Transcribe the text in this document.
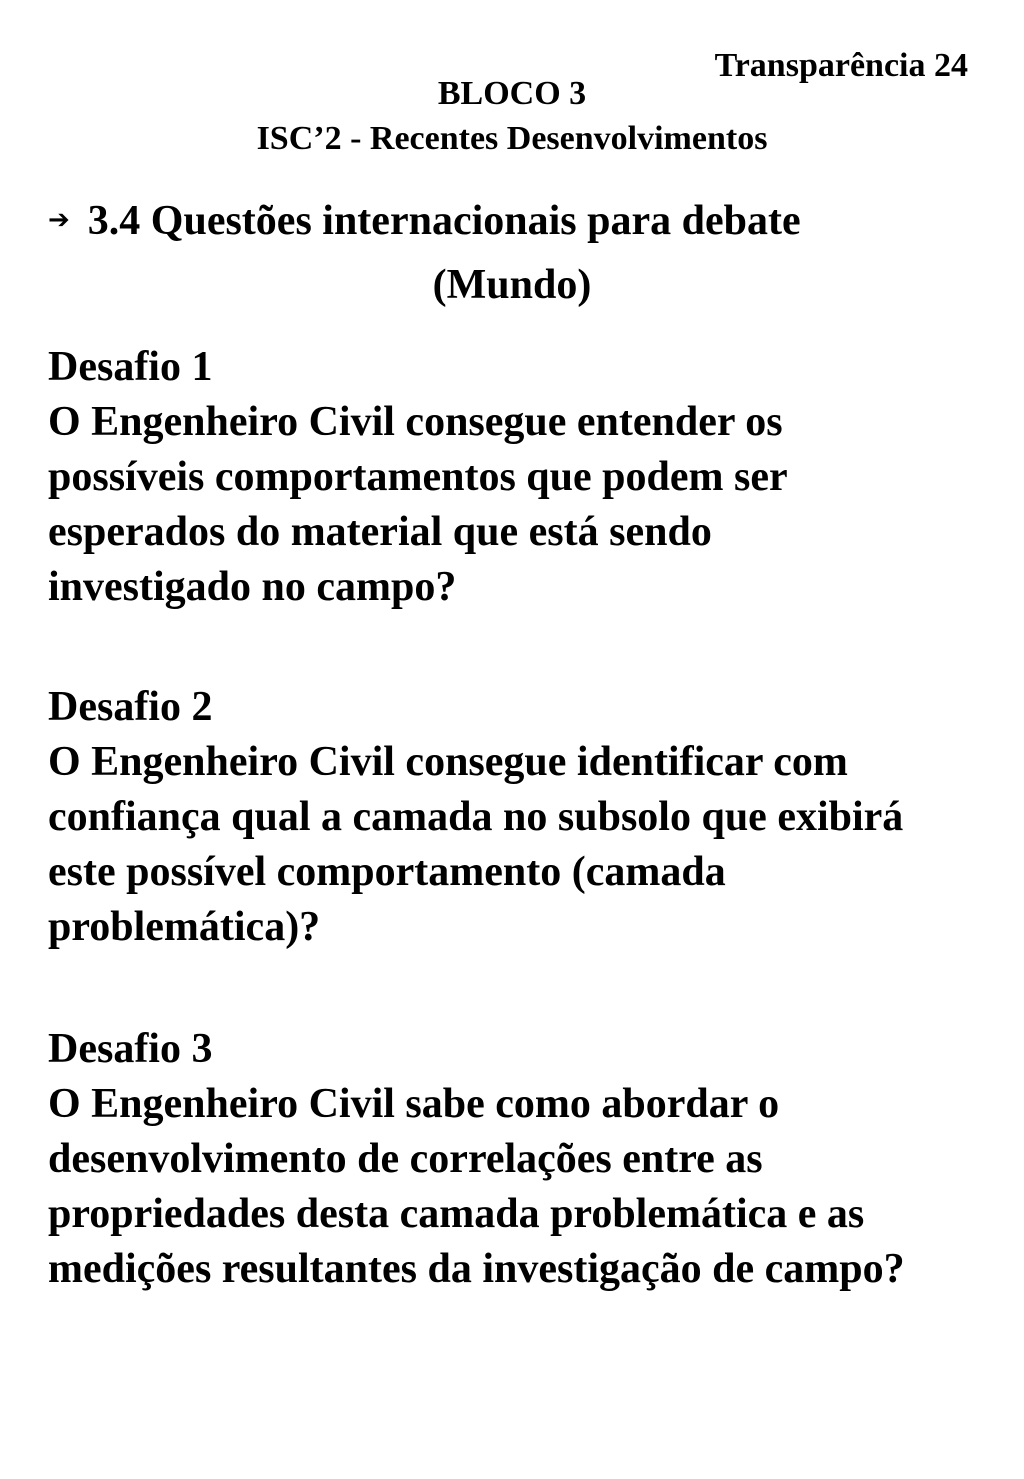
Transparência 24
BLOCO 3
ISC’2 - Recentes Desenvolvimentos
➔ 3.4 Questões internacionais para debate
(Mundo)
Desafio 1
O Engenheiro Civil consegue entender os
possíveis comportamentos que podem ser
esperados do material que está sendo
investigado no campo?
Desafio 2
O Engenheiro Civil consegue identificar com
confiança qual a camada no subsolo que exibirá
este possível comportamento (camada
problemática)?
Desafio 3
O Engenheiro Civil sabe como abordar o
desenvolvimento de correlações entre as
propriedades desta camada problemática e as
medições resultantes da investigação de campo?
